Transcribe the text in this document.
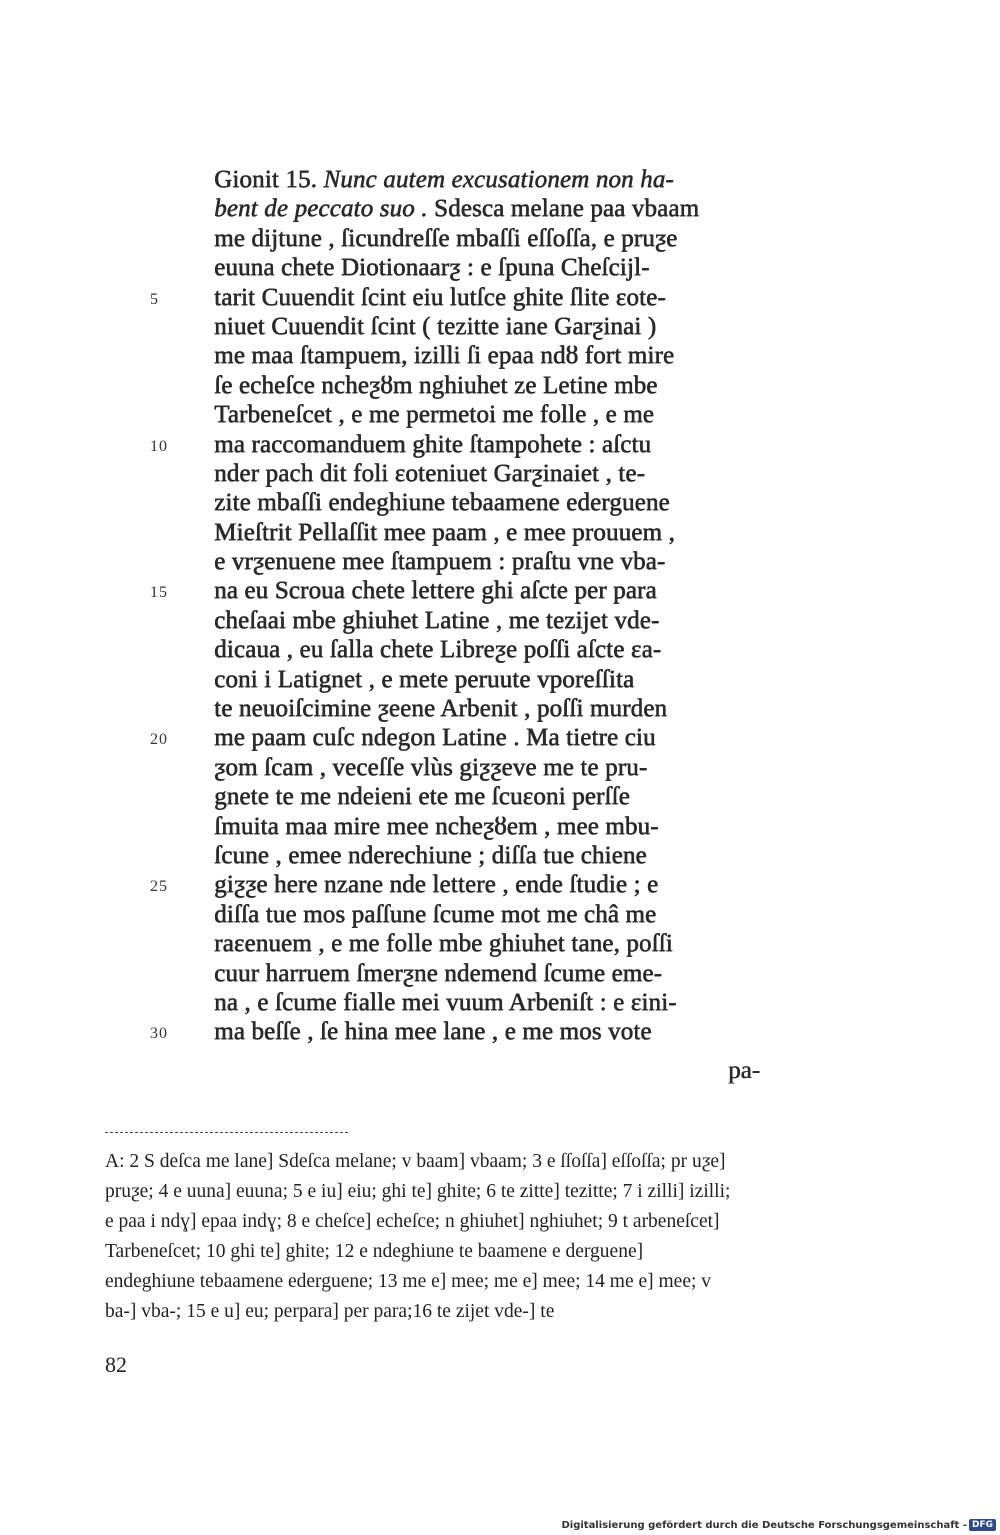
Gionit 15. Nunc autem excusationem non ha-
bent de peccato suo . Sdesca melane paa vbaam
me dijtune , ſicundreſſe mbaſſi eſſoſſa, e pruƺe
euuna chete Diotionaarƺ : e ſpuna Cheſcijl-
5	tarit Cuuendit ſcint eiu lutſce ghite ſlite ɛote-
niuet Cuuendit ſcint ( tezitte iane Garƺinai )
me maa ſtampuem, izilli ſi epaa ndȣ fort mire
ſe echeſce ncheƺȣm nghiuhet ze Letine mbe
Tarbeneſcet , e me permetoi me folle , e me
10	ma raccomanduem ghite ſtampohete : aſctu
nder pach dit foli ɛoteniuet Garƺinaiet , te-
zite mbaſſi endeghiune tebaamene ederguene
Mieſtrit Pellaſſit mee paam , e mee prouuem ,
e vrƺenuene mee ſtampuem : praſtu vne vba-
15	na eu Scroua chete lettere ghi aſcte per para
cheſaai mbe ghiuhet Latine , me tezijet vde-
dicaua , eu ſalla chete Libreƺe poſſi aſcte ɛa-
coni i Latignet , e mete peruute vporeſſita
te neuoiſcimine ƺeene Arbenit , poſſi murden
20	me paam cuſc ndegon Latine . Ma tietre ciu
ƺom ſcam , veceſſe vlùs giƺƺeve me te pru-
gnete te me ndeieni ete me ſcuɛoni perſſe
ſmuita maa mire mee ncheƺȣem , mee mbu-
ſcune , emee nderechiune ; diſſa tue chiene
25	giƺƺe here nzane nde lettere , ende ſtudie ; e
diſſa tue mos paſſune ſcume mot me châ me
raɛenuem , e me folle mbe ghiuhet tane, poſſi
cuur harruem ſmerƺne ndemend ſcume eme-
na , e ſcume fialle mei vuum Arbeniſt : e ɛini-
30	ma beſſe , ſe hina mee lane , e me mos vote
pa-
A: 2 S deſca me lane] Sdeſca melane; v baam] vbaam; 3 e ſſoſſa] eſſoſſa; pr uƺe]
pruƺe; 4 e uuna] euuna; 5 e iu] eiu; ghi te] ghite; 6 te zitte] tezitte; 7 i zilli] izilli;
e paa i ndɣ] epaa indɣ; 8 e cheſce] echeſce; n ghiuhet] nghiuhet; 9 t arbeneſcet]
Tarbeneſcet; 10 ghi te] ghite; 12 e ndeghiune te baamene e derguene]
endeghiune tebaamene ederguene; 13 me e] mee; me e] mee; 14 me e] mee; v
ba-] vba-; 15 e u] eu; perpara] per para;16 te zijet vde-] te
82
Digitalisierung gefördert durch die Deutsche Forschungsgemeinschaft - DFG
